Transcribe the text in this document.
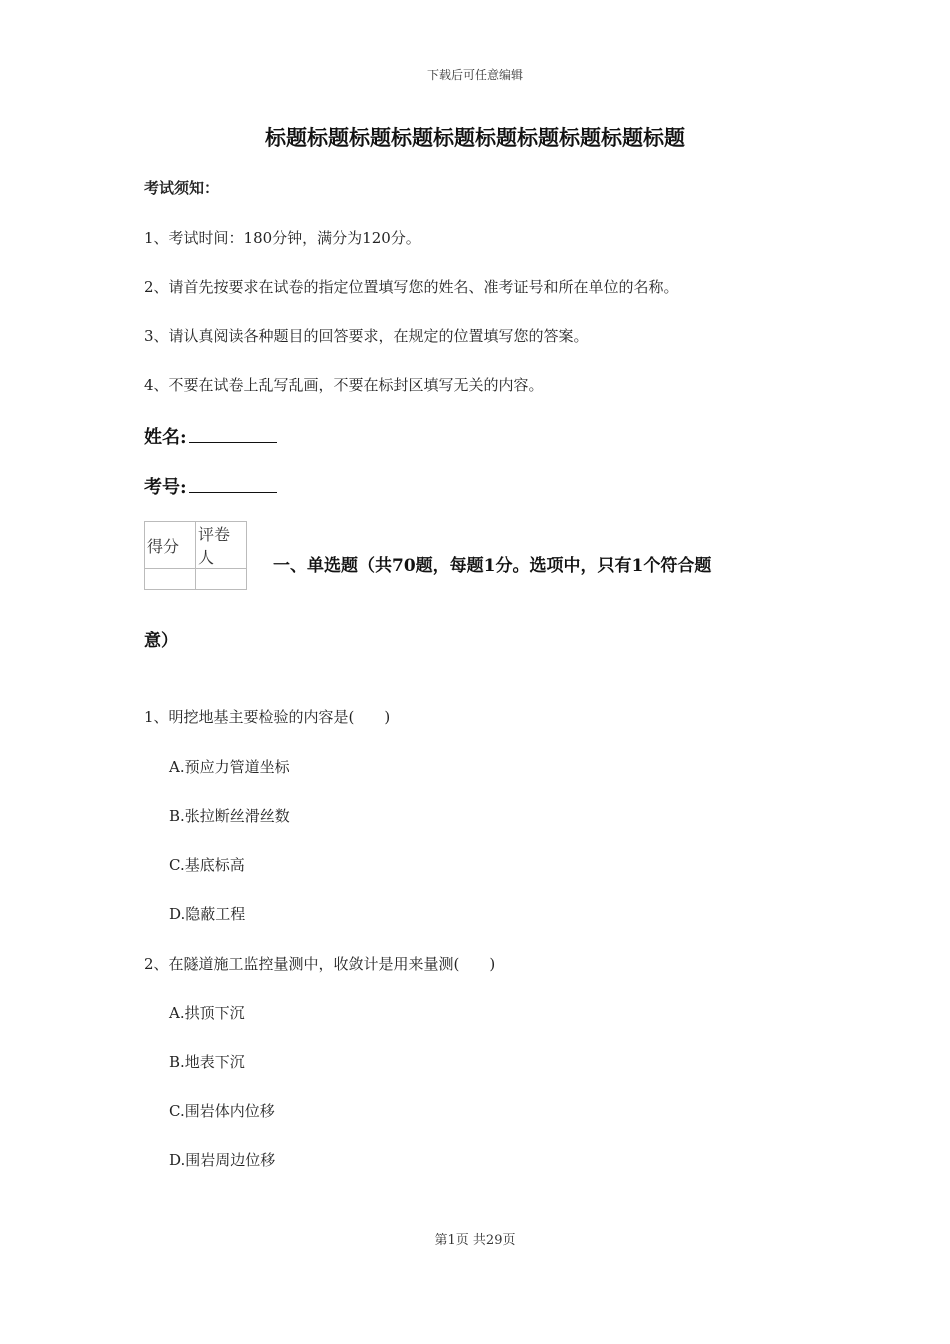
下载后可任意编辑
标题标题标题标题标题标题标题标题标题标题
考试须知：
1、考试时间：180分钟，满分为120分。
2、请首先按要求在试卷的指定位置填写您的姓名、准考证号和所在单位的名称。
3、请认真阅读各种题目的回答要求，在规定的位置填写您的答案。
4、不要在试卷上乱写乱画，不要在标封区填写无关的内容。
姓名:
考号:
得分	评卷人
		一、单选题（共70题，每题1分。选项中，只有1个符合题
意）
1、明挖地基主要检验的内容是(　　)
A.预应力管道坐标
B.张拉断丝滑丝数
C.基底标高
D.隐蔽工程
2、在隧道施工监控量测中，收敛计是用来量测(　　)
A.拱顶下沉
B.地表下沉
C.围岩体内位移
D.围岩周边位移
第1页 共29页
